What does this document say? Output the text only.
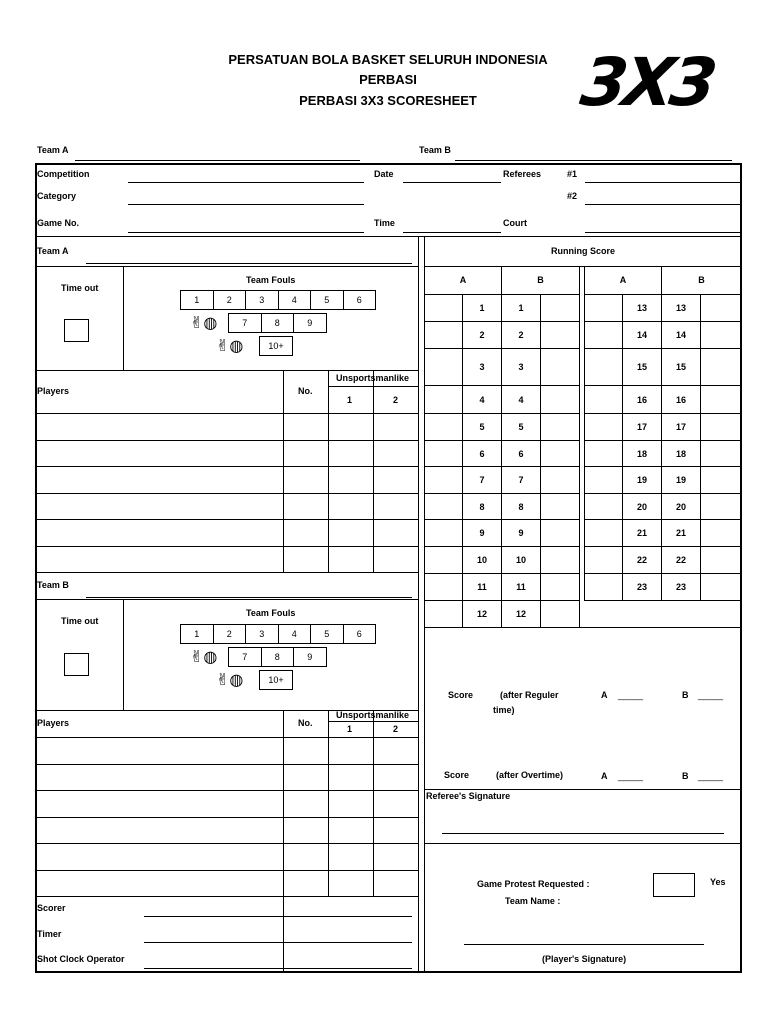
PERSATUAN BOLA BASKET SELURUH INDONESIA
PERBASI
PERBASI 3X3 SCORESHEET	3X3
Team A	Team B
Competition
Category
Game No.
Date
Time
Referees	#1
#2
Court
Team A
Time out
Team Fouls
1	2	3	4	5	6
7	8	9
10+
✌◍
✌◍
Players	No.
Unsportsmanlike
1	2
Team B
Time out
Team Fouls
1	2	3	4	5	6
7	8	9
10+
✌◍
✌◍
Players	No.
Unsportsmanlike
1	2
Scorer
Timer
Shot Clock Operator
Running Score
A	B	A	B
1	1
2	2
3	3
4	4
5	5
6	6
7	7
8	8
9	9
10	10
11	11
12	12
13	13
14	14
15	15
16	16
17	17
18	18
19	19
20	20
21	21
22	22
23	23
Score	(after Reguler
time)
A _____	B _____
Score	(after Overtime)	A _____	B _____
Referee's Signature
Game Protest Requested :	Yes
Team Name :
(Player's Signature)
